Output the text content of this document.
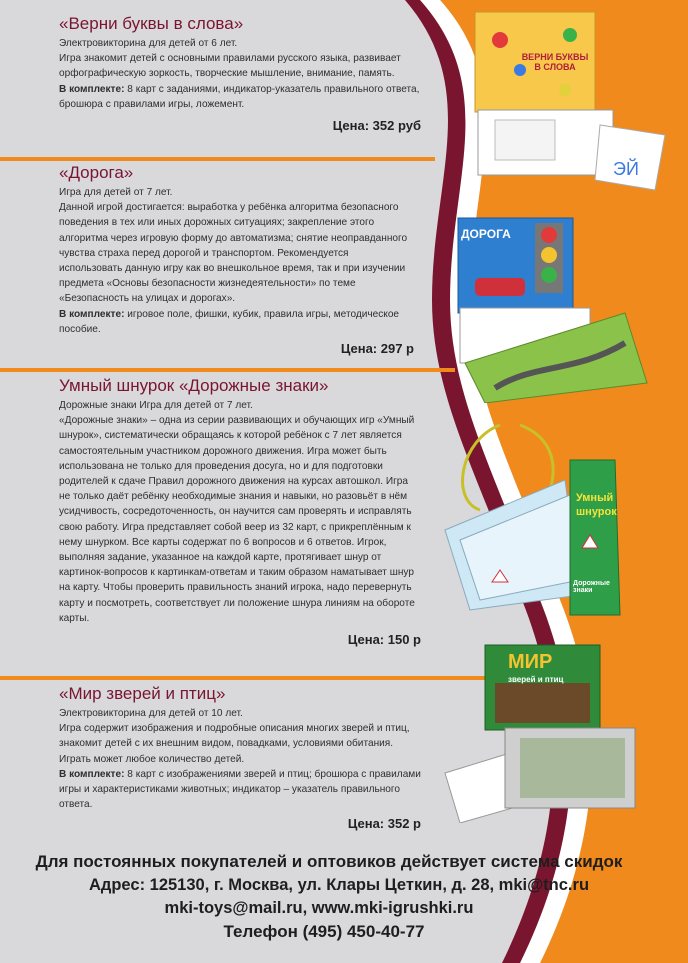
ЭЙ
ВЕРНИ БУКВЫ В СЛОВА
ДОРОГА
Умный
шнурок
Дорожные знаки
МИР
зверей и птиц
«Верни буквы в слова»

Электровикторина для детей от 6 лет.

Игра знакомит детей с основными правилами русского языка, развивает орфографическую зоркость, творческие мышление, внимание, память.

В комплекте: 8 карт с заданиями, индикатор-указатель правильного ответа, брошюра с правилами игры, ложемент.

Цена: 352 руб
«Дорога»

Игра для детей от 7 лет.

Данной игрой достигается: выработка у ребёнка алгоритма безопасного поведения в тех или иных дорожных ситуациях; закрепление этого алгоритма через игровую форму до автоматизма; снятие неоправданного чувства страха перед дорогой и транспортом. Рекомендуется использовать данную игру как во внешкольное время, так и при изучении предмета «Основы безопасности жизнедеятельности» по теме «Безопасность на улицах и дорогах».

В комплекте: игровое поле, фишки, кубик, правила игры, методическое пособие.

Цена: 297 р
Умный шнурок «Дорожные знаки»

Дорожные знаки Игра для детей от 7 лет.

«Дорожные знаки» – одна из серии развивающих и обучающих игр «Умный шнурок», систематически обращаясь к которой ребёнок с 7 лет является самостоятельным участником дорожного движения. Игра может быть использована не только для проведения досуга, но и для подготовки родителей к сдаче Правил дорожного движения на курсах автошкол. Игра не только даёт ребёнку необходимые знания и навыки, но разовьёт в нём усидчивость, сосредоточенность, он научится сам проверять и исправлять свою работу. Игра представляет собой веер из 32 карт, с прикреплённым к нему шнурком. Все карты содержат по 6 вопросов и 6 ответов. Игрок, выполняя задание, указанное на каждой карте, протягивает шнур от картинок-вопросов к картинкам-ответам и таким образом наматывает шнур на карту. Чтобы проверить правильность знаний игрока, надо перевернуть карту и посмотреть, соответствует ли положение шнура линиям на обороте карты.

Цена: 150 р
«Мир зверей и птиц»

Электровикторина для детей от 10 лет.

Игра содержит изображения и подробные описания многих зверей и птиц, знакомит детей с их внешним видом, повадками, условиями обитания. Играть может любое количество детей.

В комплекте: 8 карт с изображениями зверей и птиц; брошюра с правилами игры и характеристиками животных; индикатор – указатель правильного ответа.

Цена: 352 р
Для постоянных покупателей и оптовиков действует система скидок
Адрес: 125130, г. Москва, ул. Клары Цеткин, д. 28, mki@tnc.ru
mki-toys@mail.ru, www.mki-igrushki.ru
Телефон (495) 450-40-77
